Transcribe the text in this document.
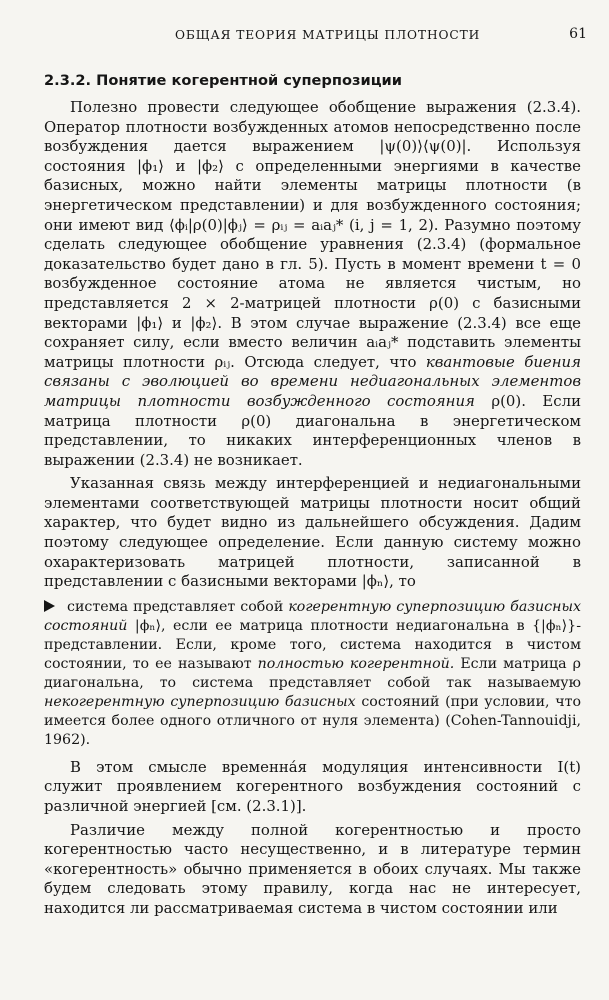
ОБЩАЯ ТЕОРИЯ МАТРИЦЫ ПЛОТНОСТИ	61
2.3.2. Понятие когерентной суперпозиции

Полезно провести следующее обобщение выражения (2.3.4). Оператор плотности возбужденных атомов непосредственно после возбуждения дается выражением |ψ(0)⟩⟨ψ(0)|. Используя состояния |ϕ₁⟩ и |ϕ₂⟩ с определенными энергиями в качестве базисных, можно найти элементы матрицы плотности (в энергетическом представлении) и для возбужденного состояния; они имеют вид ⟨ϕᵢ|ρ(0)|ϕⱼ⟩ = ρᵢⱼ = aᵢaⱼ* (i, j = 1, 2). Разумно поэтому сделать следующее обобщение уравнения (2.3.4) (формальное доказательство будет дано в гл. 5). Пусть в момент времени t = 0 возбужденное состояние атома не является чистым, но представляется 2 × 2-матрицей плотности ρ(0) с базисными векторами |ϕ₁⟩ и |ϕ₂⟩. В этом случае выражение (2.3.4) все еще сохраняет силу, если вместо величин aᵢaⱼ* подставить элементы матрицы плотности ρᵢⱼ. Отсюда следует, что квантовые биения связаны с эволюцией во времени недиагональных элементов матрицы плотности возбужденного состояния ρ(0). Если матрица плотности ρ(0) диагональна в энергетическом представлении, то никаких интерференционных членов в выражении (2.3.4) не возникает.

Указанная связь между интерференцией и недиагональными элементами соответствующей матрицы плотности носит общий характер, что будет видно из дальнейшего обсуждения. Дадим поэтому следующее определение. Если данную систему можно охарактеризовать матрицей плотности, записанной в представлении с базисными векторами |ϕₙ⟩, то

система представляет собой когерентную суперпозицию базисных состояний |ϕₙ⟩, если ее матрица плотности недиагональна в {|ϕₙ⟩}-представлении. Если, кроме того, система находится в чистом состоянии, то ее называют полностью когерентной. Если матрица ρ диагональна, то система представляет собой так называемую некогерентную суперпозицию базисных состояний (при условии, что имеется более одного отличного от нуля элемента) (Cohen-Tannouidji, 1962).

В этом смысле временна́я модуляция интенсивности I(t) служит проявлением когерентного возбуждения состояний с различной энергией [см. (2.3.1)].

Различие между полной когерентностью и просто когерентностью часто несущественно, и в литературе термин «когерентность» обычно применяется в обоих случаях. Мы также будем следовать этому правилу, когда нас не интересует, находится ли рассматриваемая система в чистом состоянии или
